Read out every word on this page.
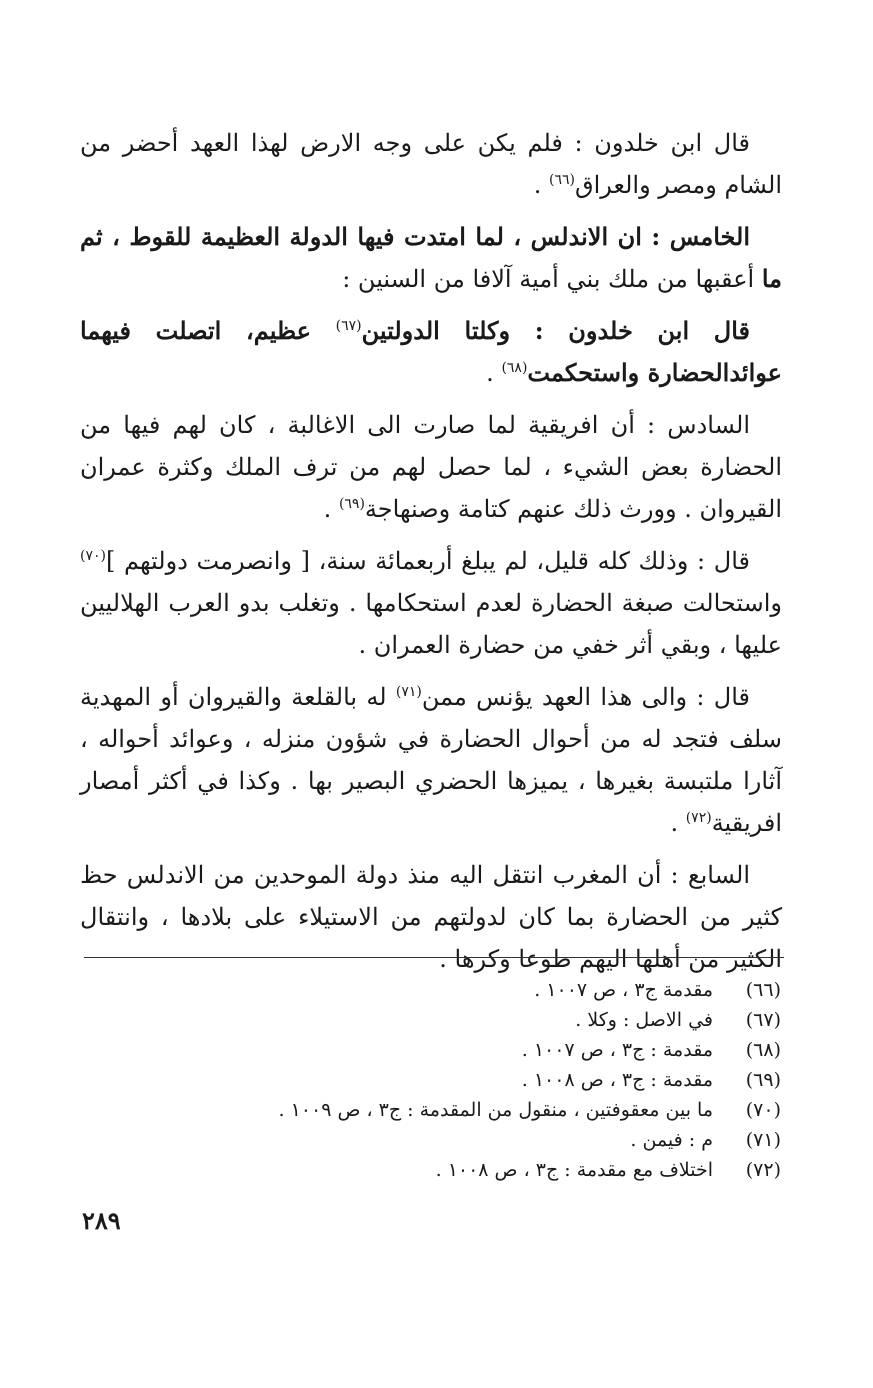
قال ابن خلدون : فلم يكن على وجه الارض لهذا العهد أحضر من الشام ومصر والعراق$^{(٦٦)}$ .

الخامس : ان الاندلس ، لما امتدت فيها الدولة العظيمة للقوط ، ثم ما أعقبها من ملك بني أمية آلافا من السنين :

قال ابن خلدون : وكلتا الدولتين$^{(٦٧)}$ عظيم، اتصلت فيهما عوائدالحضارة واستحكمت$^{(٦٨)}$ .

السادس : أن افريقية لما صارت الى الاغالبة ، كان لهم فيها من الحضارة بعض الشيء ، لما حصل لهم من ترف الملك وكثرة عمران القيروان . وورث ذلك عنهم كتامة وصنهاجة$^{(٦٩)}$ .

قال : وذلك كله قليل، لم يبلغ أربعمائة سنة، [ وانصرمت دولتهم ]$^{(٧٠)}$ واستحالت صبغة الحضارة لعدم استحكامها . وتغلب بدو العرب الهلاليين عليها ، وبقي أثر خفي من حضارة العمران .

قال : والى هذا العهد يؤنس ممن$^{(٧١)}$ له بالقلعة والقيروان أو المهدية سلف فتجد له من أحوال الحضارة في شؤون منزله ، وعوائد أحواله ، آثارا ملتبسة بغيرها ، يميزها الحضري البصير بها . وكذا في أكثر أمصار افريقية$^{(٧٢)}$ .

السابع : أن المغرب انتقل اليه منذ دولة الموحدين من الاندلس حظ كثير من الحضارة بما كان لدولتهم من الاستيلاء على بلادها ، وانتقال الكثير من أهلها اليهم طوعا وكرها .

(٦٦)
مقدمة ج٣ ، ص ١٠٠٧ .
(٦٧)
في الاصل : وكلا .
(٦٨)
مقدمة : ج٣ ، ص ١٠٠٧ .
(٦٩)
مقدمة : ج٣ ، ص ١٠٠٨ .
(٧٠)
ما بين معقوفتين ، منقول من المقدمة : ج٣ ، ص ١٠٠٩ .
(٧١)
م : فيمن .
(٧٢)
اختلاف مع مقدمة : ج٣ ، ص ١٠٠٨ .
٢٨٩
